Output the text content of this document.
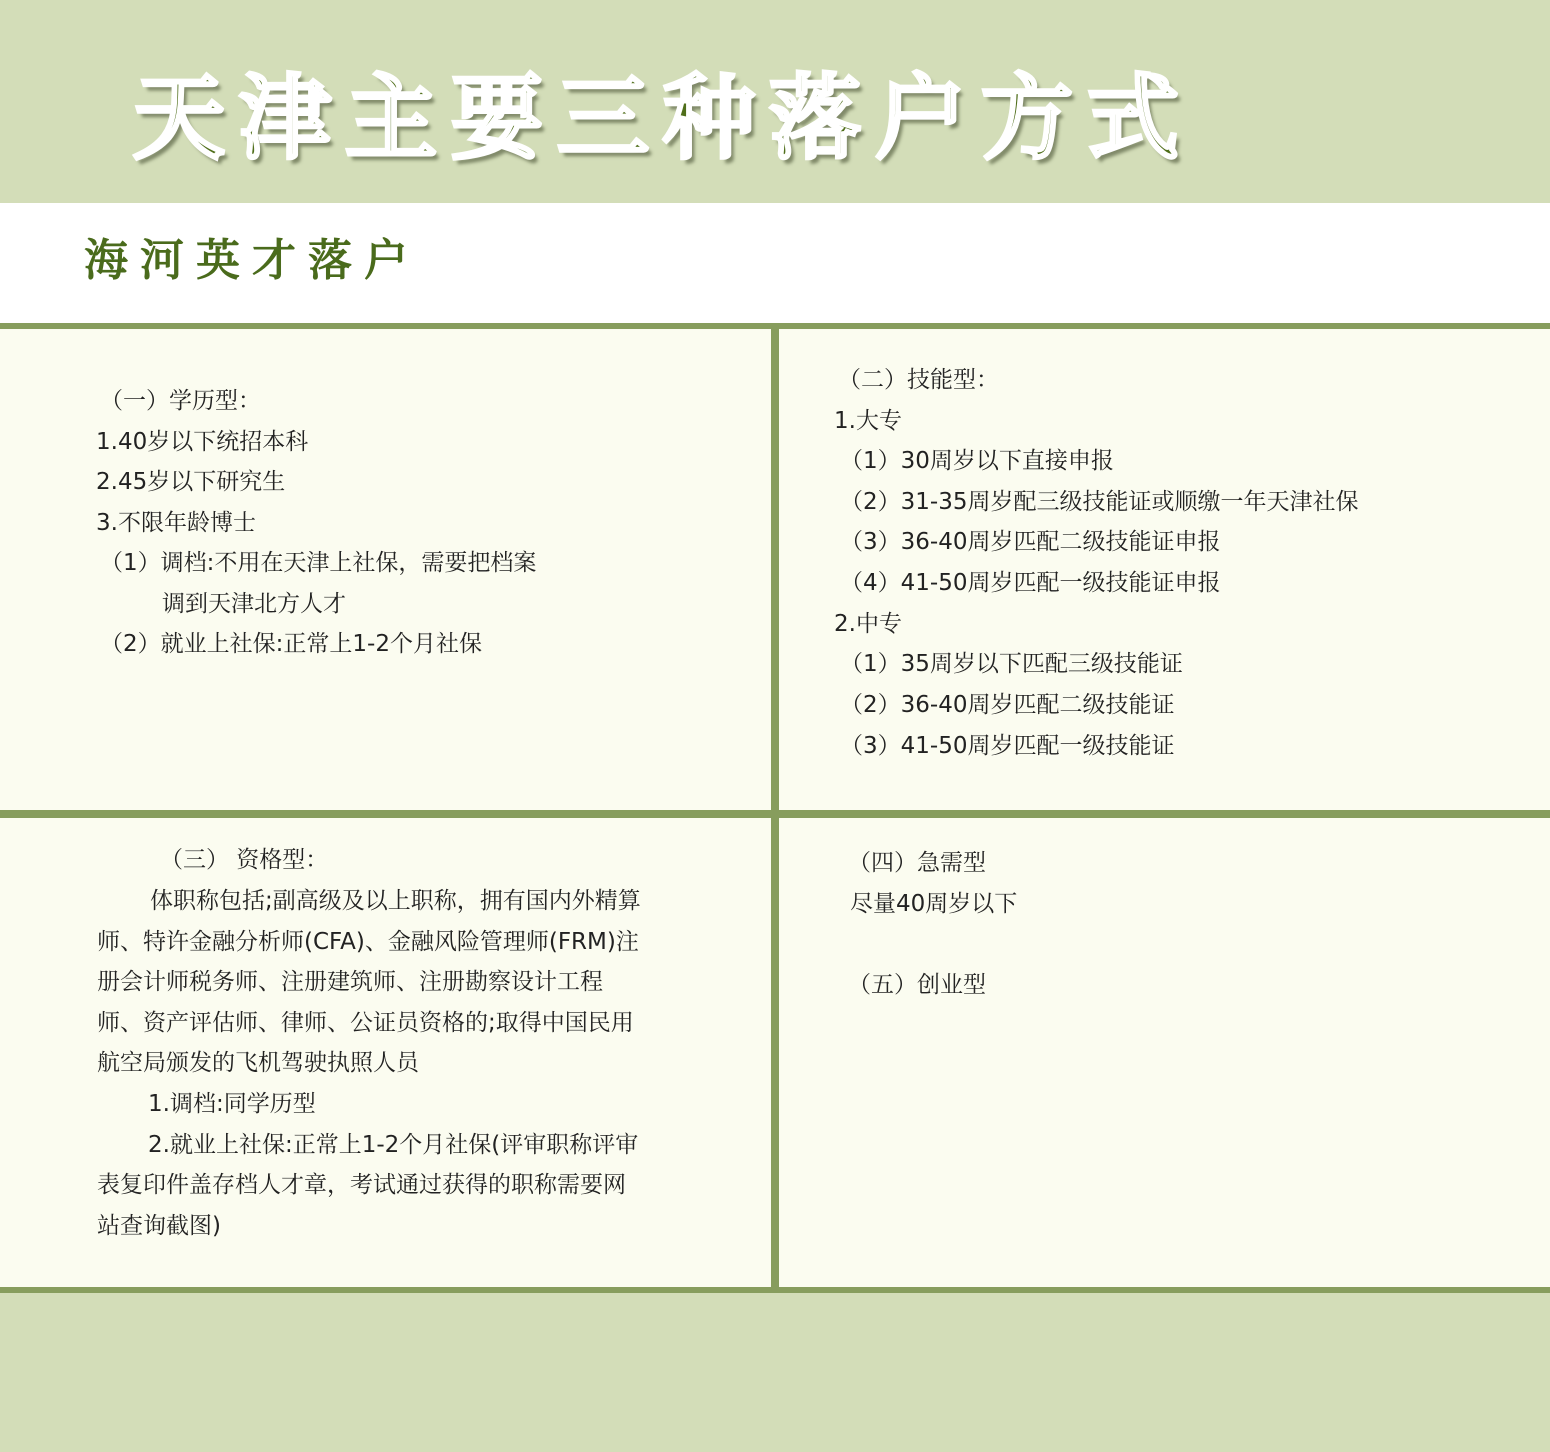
天津主要三种落户方式
海河英才落户
（一）学历型：
1.40岁以下统招本科
2.45岁以下研究生
3.不限年龄博士
（1）调档:不用在天津上社保，需要把档案
调到天津北方人才
（2）就业上社保:正常上1-2个月社保
（二）技能型：
1.大专
（1）30周岁以下直接申报
（2）31-35周岁配三级技能证或顺缴一年天津社保
（3）36-40周岁匹配二级技能证申报
（4）41-50周岁匹配一级技能证申报
2.中专
（1）35周岁以下匹配三级技能证
（2）36-40周岁匹配二级技能证
（3）41-50周岁匹配一级技能证
（三） 资格型：
体职称包括;副高级及以上职称，拥有国内外精算
师、特许金融分析师(CFA)、金融风险管理师(FRM)注
册会计师税务师、注册建筑师、注册勘察设计工程
师、资产评估师、律师、公证员资格的;取得中国民用
航空局颁发的飞机驾驶执照人员
1.调档:同学历型
2.就业上社保:正常上1-2个月社保(评审职称评审
表复印件盖存档人才章，考试通过获得的职称需要网
站查询截图)
（四）急需型
尽量40周岁以下
（五）创业型
